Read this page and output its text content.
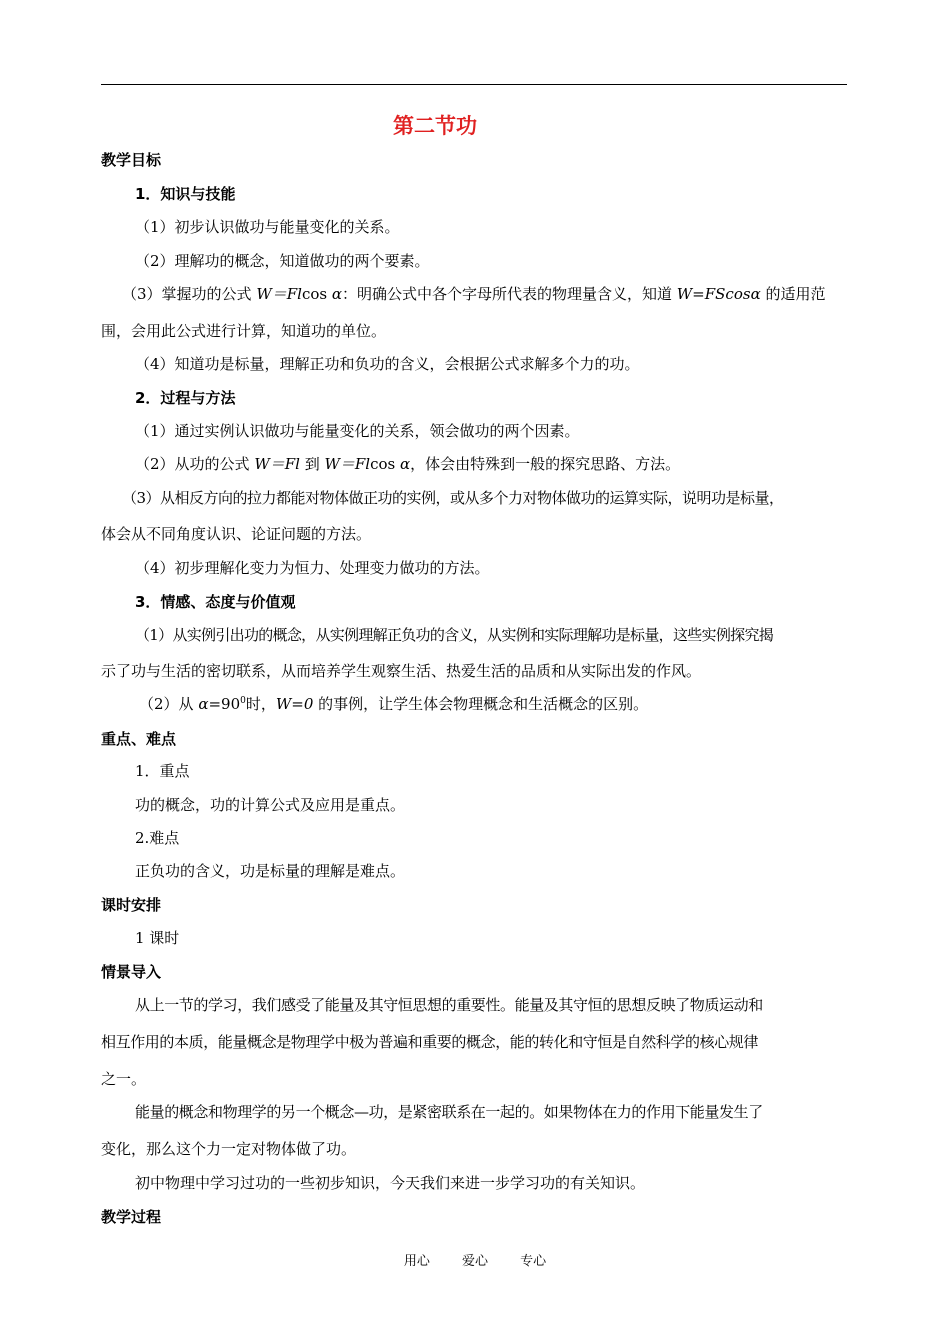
第二节功
教学目标
1．知识与技能
（1）初步认识做功与能量变化的关系。
（2）理解功的概念，知道做功的两个要素。
（3）掌握功的公式 W＝Flcos α：明确公式中各个字母所代表的物理量含义，知道 W=FScosα 的适用范
围，会用此公式进行计算，知道功的单位。
（4）知道功是标量，理解正功和负功的含义，会根据公式求解多个力的功。
2．过程与方法
（1）通过实例认识做功与能量变化的关系，领会做功的两个因素。
（2）从功的公式 W＝Fl 到 W＝Flcos α，体会由特殊到一般的探究思路、方法。
（3）从相反方向的拉力都能对物体做正功的实例，或从多个力对物体做功的运算实际，说明功是标量，
体会从不同角度认识、论证问题的方法。
（4）初步理解化变力为恒力、处理变力做功的方法。
3．情感、态度与价值观
（1）从实例引出功的概念，从实例理解正负功的含义，从实例和实际理解功是标量，这些实例探究揭
示了功与生活的密切联系，从而培养学生观察生活、热爱生活的品质和从实际出发的作风。
（2）从 $\alpha=90^0$时，W=0 的事例，让学生体会物理概念和生活概念的区别。
重点、难点
1．重点
功的概念，功的计算公式及应用是重点。
2.难点
正负功的含义，功是标量的理解是难点。
课时安排
1 课时
情景导入
从上一节的学习，我们感受了能量及其守恒思想的重要性。能量及其守恒的思想反映了物质运动和
相互作用的本质，能量概念是物理学中极为普遍和重要的概念，能的转化和守恒是自然科学的核心规律
之一。
能量的概念和物理学的另一个概念—功，是紧密联系在一起的。如果物体在力的作用下能量发生了
变化，那么这个力一定对物体做了功。
初中物理中学习过功的一些初步知识，今天我们来进一步学习功的有关知识。
教学过程
用心 爱心 专心
